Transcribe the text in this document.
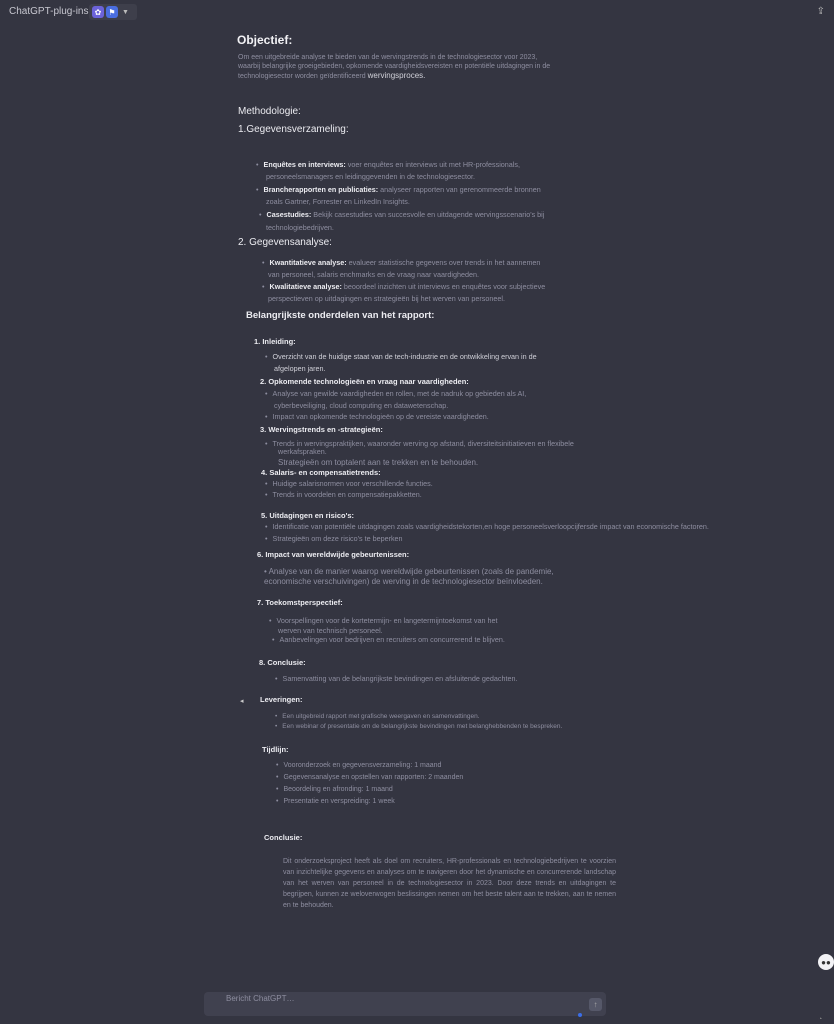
ChatGPT-plug-ins ✿ ⚑ ▼	⇪
Objectief:
Om een uitgebreide analyse te bieden van de wervingstrends in de technologiesector voor 2023,
waarbij belangrijke groeigebieden, opkomende vaardigheidsvereisten en potentiële uitdagingen in de
technologiesector worden geïdentificeerd wervingsproces.
Methodologie:
1.Gegevensverzameling:
• Enquêtes en interviews: voer enquêtes en interviews uit met HR-professionals,
personeelsmanagers en leidinggevenden in de technologiesector.
• Brancherapporten en publicaties: analyseer rapporten van gerenommeerde bronnen
zoals Gartner, Forrester en LinkedIn Insights.
• Casestudies: Bekijk casestudies van succesvolle en uitdagende wervingsscenario's bij
technologiebedrijven.
2. Gegevensanalyse:
• Kwantitatieve analyse: evalueer statistische gegevens over trends in het aannemen
van personeel, salaris enchmarks en de vraag naar vaardigheden.
• Kwalitatieve analyse: beoordeel inzichten uit interviews en enquêtes voor subjectieve
perspectieven op uitdagingen en strategieën bij het werven van personeel.
Belangrijkste onderdelen van het rapport:
1. Inleiding:
• Overzicht van de huidige staat van de tech-industrie en de ontwikkeling ervan in de
afgelopen jaren.
2. Opkomende technologieën en vraag naar vaardigheden:
• Analyse van gewilde vaardigheden en rollen, met de nadruk op gebieden als AI,
cyberbeveiliging, cloud computing en datawetenschap.
• Impact van opkomende technologieën op de vereiste vaardigheden.
3. Wervingstrends en -strategieën:
• Trends in wervingspraktijken, waaronder werving op afstand, diversiteitsinitiatieven en flexibele
werkafspraken.
Strategieën om toptalent aan te trekken en te behouden.
4. Salaris- en compensatietrends:
• Huidige salarisnormen voor verschillende functies.
• Trends in voordelen en compensatiepakketten.
5. Uitdagingen en risico's:
• Identificatie van potentiële uitdagingen zoals vaardigheidstekorten,en hoge personeelsverloopcijfersde impact van economische factoren.
• Strategieën om deze risico's te beperken
6. Impact van wereldwijde gebeurtenissen:
• Analyse van de manier waarop wereldwijde gebeurtenissen (zoals de pandemie,
economische verschuivingen) de werving in de technologiesector beïnvloeden.
7. Toekomstperspectief:
• Voorspellingen voor de kortetermijn- en langetermijntoekomst van het
werven van technisch personeel.
• Aanbevelingen voor bedrijven en recruiters om concurrerend te blijven.
8. Conclusie:
• Samenvatting van de belangrijkste bevindingen en afsluitende gedachten.
◂ Leveringen:
• Een uitgebreid rapport met grafische weergaven en samenvattingen.
• Een webinar of presentatie om de belangrijkste bevindingen met belanghebbenden te bespreken.
Tijdlijn:
• Vooronderzoek en gegevensverzameling: 1 maand
• Gegevensanalyse en opstellen van rapporten: 2 maanden
• Beoordeling en afronding: 1 maand
• Presentatie en verspreiding: 1 week
Conclusie:
Dit onderzoeksproject heeft als doel om recruiters, HR-professionals en technologiebedrijven te voorzien van inzichtelijke gegevens en analyses om te navigeren door het dynamische en concurrerende landschap van het werven van personeel in de technologiesector in 2023. Door deze trends en uitdagingen te begrijpen, kunnen ze weloverwogen beslissingen nemen om het beste talent aan te trekken, aan te nemen en te behouden.
●●
Bericht ChatGPT…
↑
◔
